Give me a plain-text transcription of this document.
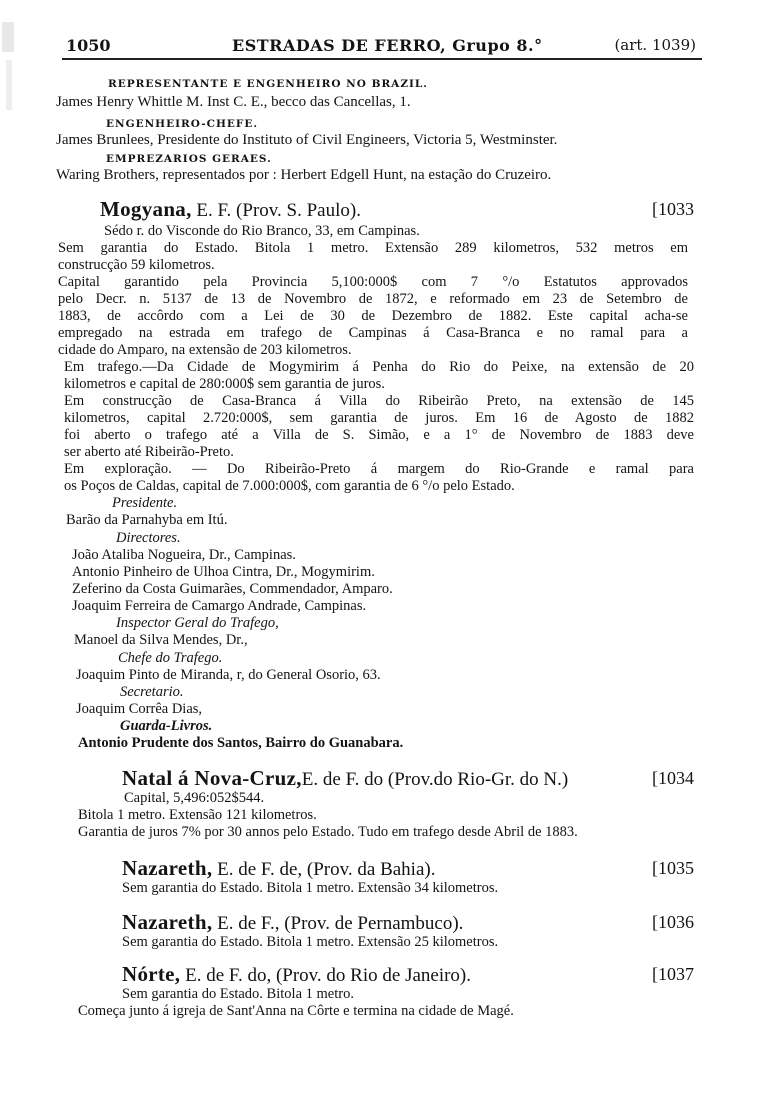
1050	ESTRADAS DE FERRO, Grupo 8.°	(art. 1039)
REPRESENTANTE E ENGENHEIRO NO BRAZIL.
James Henry Whittle M. Inst C. E., becco das Cancellas, 1.
ENGENHEIRO-CHEFE.
James Brunlees, Presidente do Instituto of Civil Engineers, Victoria 5, Westminster.
EMPREZARIOS GERAES.
Waring Brothers, representados por : Herbert Edgell Hunt, na estação do Cruzeiro.
Mogyana, E. F. (Prov. S. Paulo).	[1033
Sédo r. do Visconde do Rio Branco, 33, em Campinas.
Sem garantia do Estado. Bitola 1 metro. Extensão 289 kilometros, 532 metros em
construcção 59 kilometros.
Capital garantido pela Provincia 5,100:000$ com 7 °/o Estatutos approvados
pelo Decr. n. 5137 de 13 de Novembro de 1872, e reformado em 23 de Setembro de
1883, de accôrdo com a Lei de 30 de Dezembro de 1882. Este capital acha-se
empregado na estrada em trafego de Campinas á Casa-Branca e no ramal para a
cidade do Amparo, na extensão de 203 kilometros.
Em trafego.—Da Cidade de Mogymirim á Penha do Rio do Peixe, na extensão de 20
kilometros e capital de 280:000$ sem garantia de juros.
Em construcção de Casa-Branca á Villa do Ribeirão Preto, na extensão de 145
kilometros, capital 2.720:000$, sem garantia de juros. Em 16 de Agosto de 1882
foi aberto o trafego até a Villa de S. Simão, e a 1° de Novembro de 1883 deve
ser aberto até Ribeirão-Preto.
Em exploração. — Do Ribeirão-Preto á margem do Rio-Grande e ramal para
os Poços de Caldas, capital de 7.000:000$, com garantia de 6 °/o pelo Estado.
Presidente.
Barão da Parnahyba em Itú.
Directores.
João Ataliba Nogueira, Dr., Campinas.
Antonio Pinheiro de Ulhoa Cintra, Dr., Mogymirim.
Zeferino da Costa Guimarães, Commendador, Amparo.
Joaquim Ferreira de Camargo Andrade, Campinas.
Inspector Geral do Trafego,
Manoel da Silva Mendes, Dr.,
Chefe do Trafego.
Joaquim Pinto de Miranda, r, do General Osorio, 63.
Secretario.
Joaquim Corrêa Dias,
Guarda-Livros.
Antonio Prudente dos Santos, Bairro do Guanabara.
Natal á Nova-Cruz,E. de F. do (Prov.do Rio-Gr. do N.)	[1034
Capital, 5,496:052$544.
Bitola 1 metro. Extensão 121 kilometros.
Garantia de juros 7% por 30 annos pelo Estado. Tudo em trafego desde Abril de 1883.
Nazareth, E. de F. de, (Prov. da Bahia).	[1035
Sem garantia do Estado. Bitola 1 metro. Extensão 34 kilometros.
Nazareth, E. de F., (Prov. de Pernambuco).	[1036
Sem garantia do Estado. Bitola 1 metro. Extensão 25 kilometros.
Nórte, E. de F. do, (Prov. do Rio de Janeiro).	[1037
Sem garantia do Estado. Bitola 1 metro.
Começa junto á igreja de Sant'Anna na Côrte e termina na cidade de Magé.
